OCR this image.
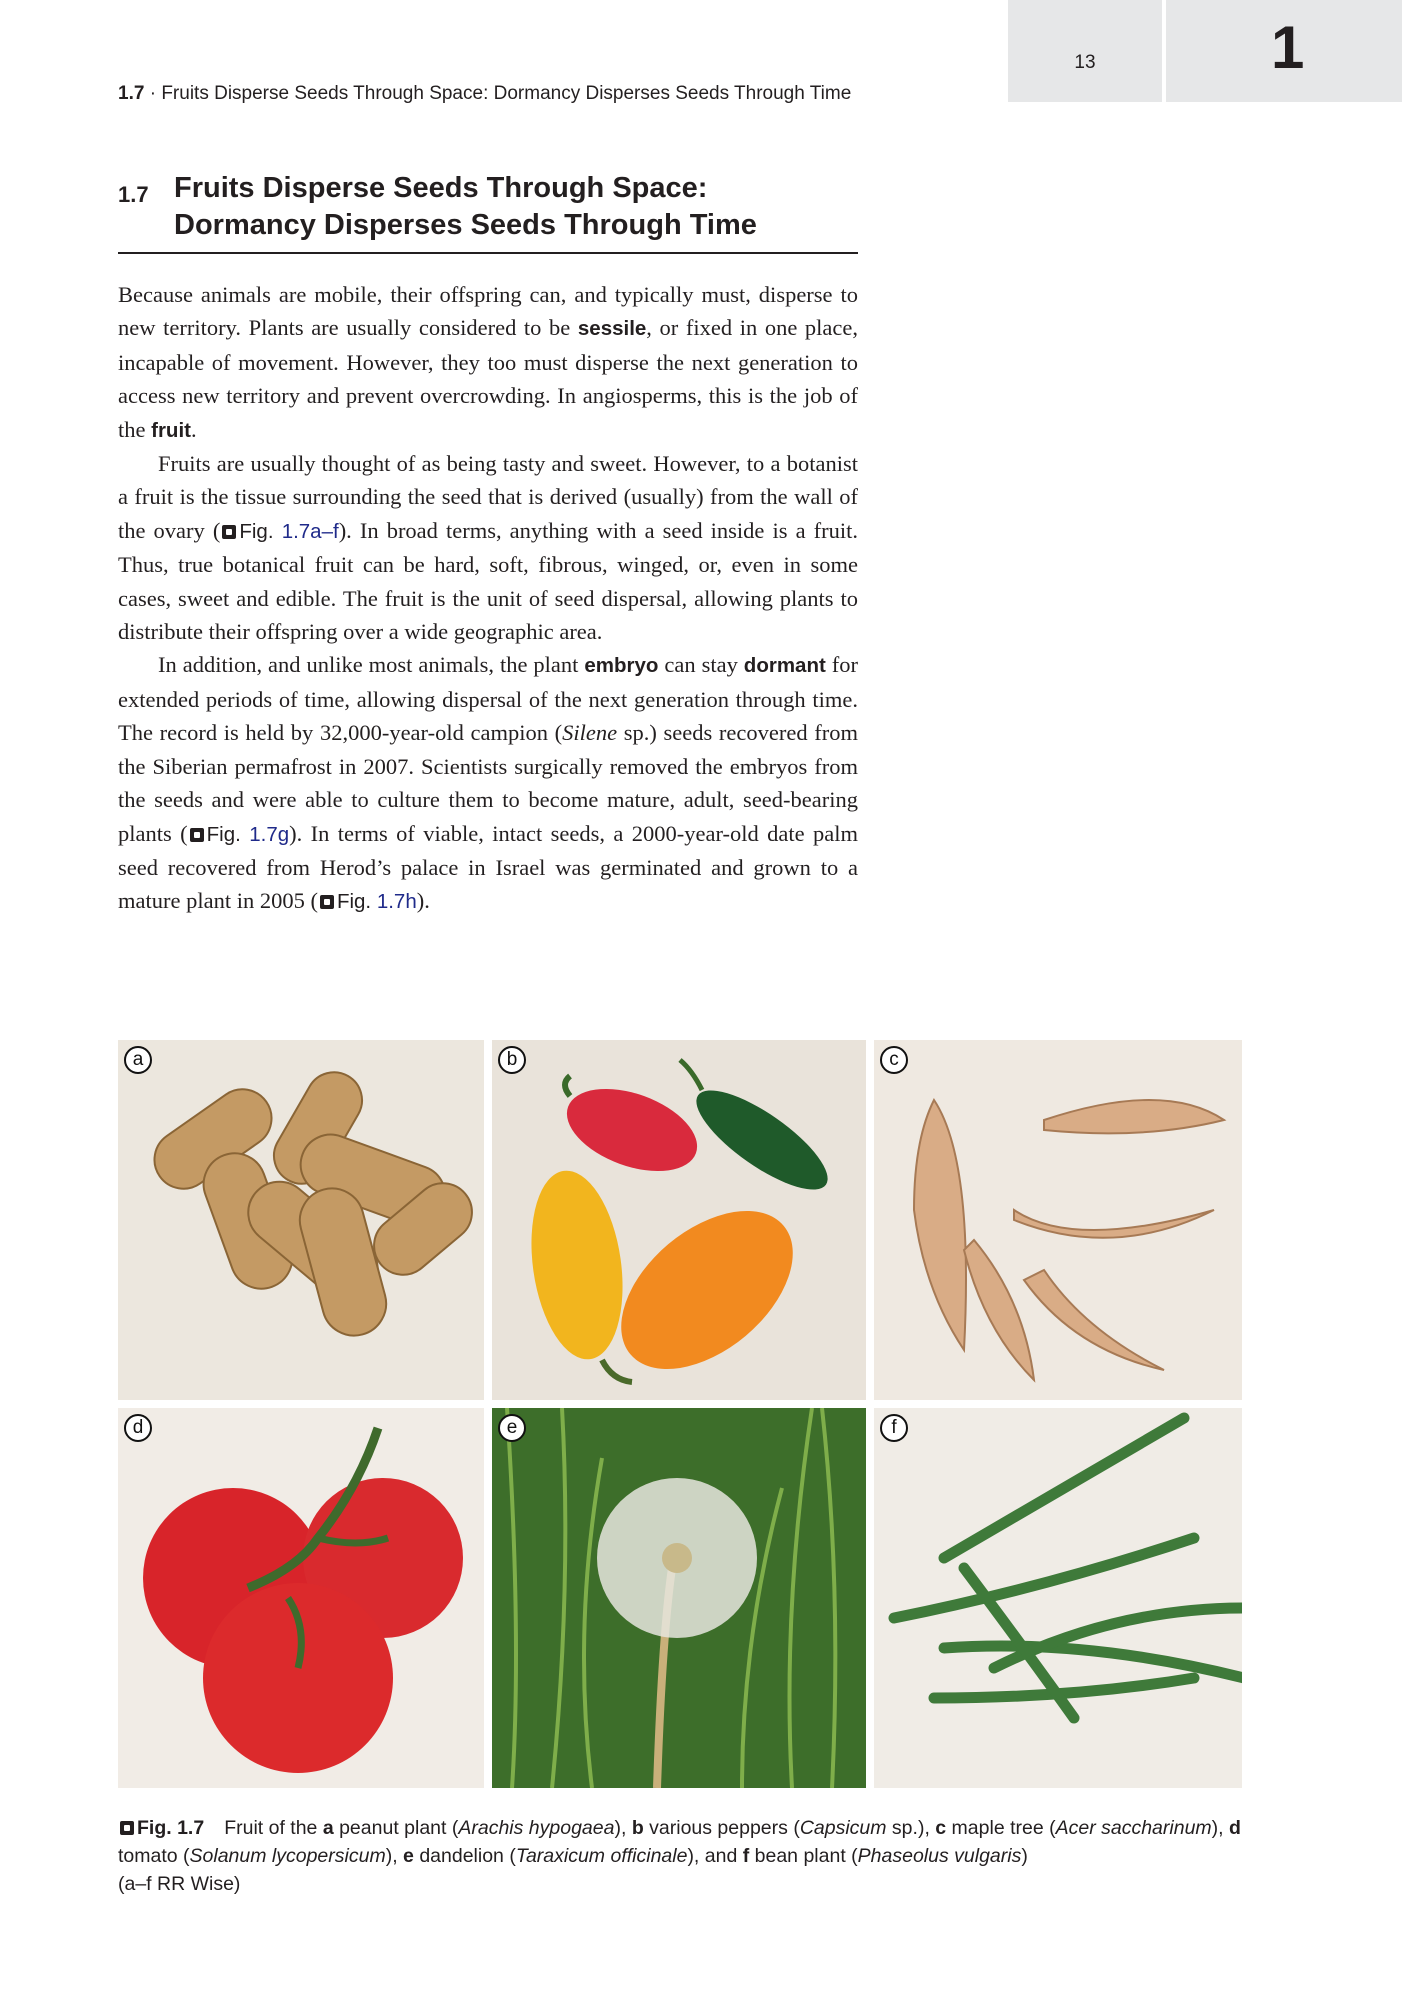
13	1
1.7 · Fruits Disperse Seeds Through Space: Dormancy Disperses Seeds Through Time
1.7 Fruits Disperse Seeds Through Space:
Dormancy Disperses Seeds Through Time

Because animals are mobile, their offspring can, and typically must, disperse to new territory. Plants are usually considered to be sessile, or fixed in one place, incapable of movement. However, they too must disperse the next generation to access new territory and prevent overcrowding. In angiosperms, this is the job of the fruit.

Fruits are usually thought of as being tasty and sweet. However, to a botanist a fruit is the tissue surrounding the seed that is derived (usually) from the wall of the ovary ( Fig. 1.7a–f). In broad terms, anything with a seed inside is a fruit. Thus, true botanical fruit can be hard, soft, fibrous, winged, or, even in some cases, sweet and edible. The fruit is the unit of seed dispersal, allowing plants to distribute their offspring over a wide geographic area.

In addition, and unlike most animals, the plant embryo can stay dormant for extended periods of time, allowing dispersal of the next generation through time. The record is held by 32,000-year-old campion (Silene sp.) seeds recovered from the Siberian permafrost in 2007. Scientists surgically removed the embryos from the seeds and were able to culture them to become mature, adult, seed-bearing plants ( Fig. 1.7g). In terms of viable, intact seeds, a 2000-year-old date palm seed recovered from Herod’s palace in Israel was germinated and grown to a mature plant in 2005 ( Fig. 1.7h).

a	b	c
d	e	f
Fig. 1.7 Fruit of the a peanut plant (Arachis hypogaea), b various peppers (Capsicum sp.), c maple tree (Acer saccharinum), d tomato (Solanum lycopersicum), e dandelion (Taraxicum officinale), and f bean plant (Phaseolus vulgaris)
(a–f RR Wise)
